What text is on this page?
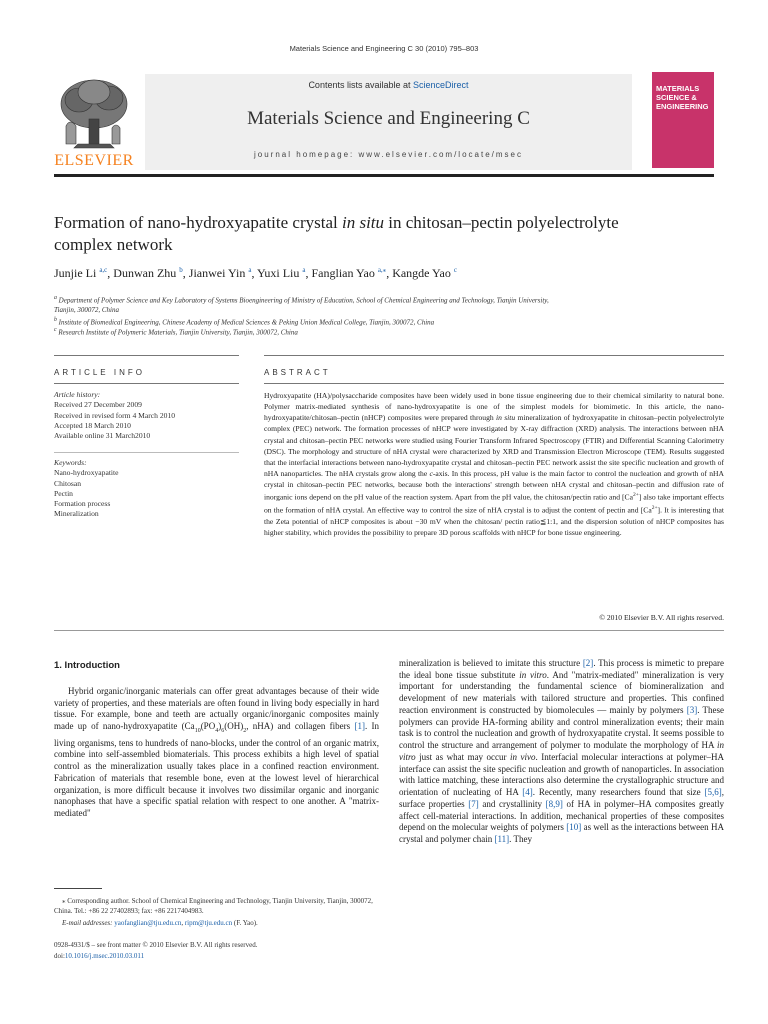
Materials Science and Engineering C 30 (2010) 795–803
ELSEVIER
Contents lists available at ScienceDirect
Materials Science and Engineering C
journal homepage: www.elsevier.com/locate/msec
MATERIALS
SCIENCE &
ENGINEERING
Formation of nano-hydroxyapatite crystal in situ in chitosan–pectin polyelectrolyte
complex network
Junjie Li $^{a,c}$, Dunwan Zhu $^b$, Jianwei Yin $^a$, Yuxi Liu $^a$, Fanglian Yao $^{a,⁎}$, Kangde Yao $^c$
$^a$ Department of Polymer Science and Key Laboratory of Systems Bioengineering of Ministry of Education, School of Chemical Engineering and Technology, Tianjin University,
Tianjin, 300072, China
$^b$ Institute of Biomedical Engineering, Chinese Academy of Medical Sciences & Peking Union Medical College, Tianjin, 300072, China
$^c$ Research Institute of Polymeric Materials, Tianjin University, Tianjin, 300072, China
ARTICLE INFO	ABSTRACT
Article history:
Received 27 December 2009
Received in revised form 4 March 2010
Accepted 18 March 2010
Available online 31 March2010
Keywords:
Nano-hydroxyapatite
Chitosan
Pectin
Formation process
Mineralization

Hydroxyapatite (HA)/polysaccharide composites have been widely used in bone tissue engineering due to their chemical similarity to natural bone. Polymer matrix-mediated synthesis of nano-hydroxyapatite is one of the simplest models for biomimetic. In this article, the nano-hydroxyapatite/chitosan–pectin (nHCP) composites were prepared through in situ mineralization of hydroxyapatite in chitosan–pectin polyelectrolyte complex (PEC) network. The formation processes of nHCP were investigated by X-ray diffraction (XRD) analysis. The interactions between nHA crystal and chitosan–pectin PEC networks were studied using Fourier Transform Infrared Spectroscopy (FTIR) and Differential Scanning Calorimetry (DSC). The morphology and structure of nHA crystal were characterized by XRD and Transmission Electron Microscope (TEM). Results suggested that the interfacial interactions between nano-hydroxyapatite crystal and chitosan–pectin PEC network assist the site specific nucleation and growth of nHA nanoparticles. The nHA crystals grow along the c-axis. In this process, pH value is the main factor to control the nucleation and growth of nHA crystal in chitosan–pectin PEC networks, because both the interactions' strength between nHA crystal and chitosan–pectin and diffusion rate of inorganic ions depend on the pH value of the reaction system. Apart from the pH value, the chitosan/pectin ratio and $[Ca^{2+}]$ also take important effects on the formation of nHA crystal. An effective way to control the size of nHA crystal is to adjust the content of pectin and $[Ca^{2+}]$. It is interesting that the Zeta potential of nHCP composites is about −30 mV when the chitosan/ pectin ratio≦1:1, and the dispersion solution of nHCP composites has higher stability, which provides the possibility to prepare 3D porous scaffolds with nHCP for bone tissue engineering.

© 2010 Elsevier B.V. All rights reserved.
1. Introduction

Hybrid organic/inorganic materials can offer great advantages because of their wide variety of properties, and these materials are often found in living body especially in hard tissue. For example, bone and teeth are actually organic/inorganic composites mainly made up of nano-hydroxyapatite ($Ca_{10}(PO_4)_6(OH)_2$, nHA) and collagen fibers [1]. In living organisms, tens to hundreds of nano-blocks, under the control of an organic matrix, combine into self-assembled biomaterials. This process exhibits a high level of spatial control as the mineralization usually takes place in a confined reaction environment. Fabrication of materials that resemble bone, even at the lowest level of hierarchical organization, is more difficult because it involves two dissimilar organic and inorganic nanophases that have a specific spatial relation with respect to one another. A "matrix-mediated"

mineralization is believed to imitate this structure [2]. This process is mimetic to prepare the ideal bone tissue substitute in vitro. And "matrix-mediated" mineralization is very important for understanding the fundamental science of biomineralization and development of new materials with tailored structure and properties. This confined reaction environment is constructed by biomolecules — mainly by polymers [3]. These polymers can provide HA-forming ability and control mineralization events; their main task is to control the nucleation and growth of hydroxyapatite crystal. It seems possible to control the structure and arrangement of polymer to modulate the morphology of HA in vitro just as what may occur in vivo. Interfacial molecular interactions at polymer–HA interface can assist the site specific nucleation and growth of nanoparticles. In association with lattice matching, these interactions also determine the crystallographic structure and orientation of nucleating of HA [4]. Recently, many researchers found that size [5,6], surface properties [7] and crystallinity [8,9] of HA in polymer–HA composites greatly affect cell-material interactions. In addition, mechanical properties of these composites depend on the molecular weights of polymers [10] as well as the interactions between HA crystal and polymer chain [11]. They

⁎ Corresponding author. School of Chemical Engineering and Technology, Tianjin University, Tianjin, 300072, China. Tel.: +86 22 27402893; fax: +86 2217404983.
E-mail addresses: yaofanglian@tju.edu.cn, ripm@tju.edu.cn (F. Yao).
0928-4931/$ – see front matter © 2010 Elsevier B.V. All rights reserved.
doi:10.1016/j.msec.2010.03.011
